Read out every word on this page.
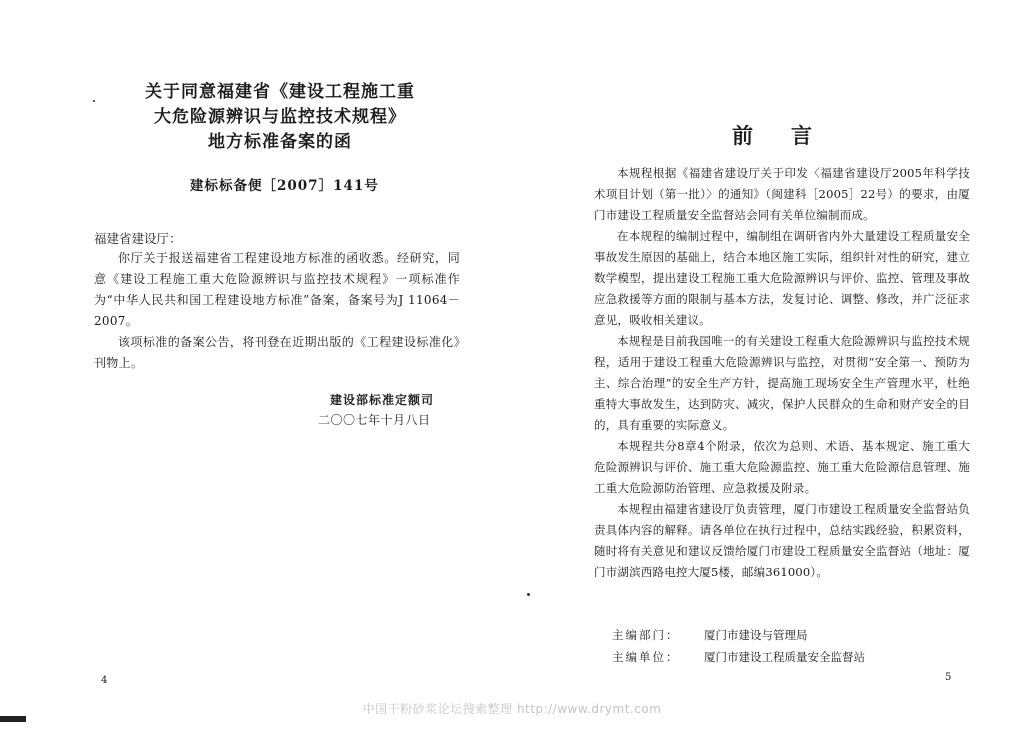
关于同意福建省《建设工程施工重
大危险源辨识与监控技术规程》
地方标准备案的函
建标标备便［2007］141号
福建省建设厅：

你厅关于报送福建省工程建设地方标准的函收悉。经研究，同意《建设工程施工重大危险源辨识与监控技术规程》一项标准作为“中华人民共和国工程建设地方标准”备案，备案号为J 11064－2007。

该项标准的备案公告，将刊登在近期出版的《工程建设标准化》刊物上。

建设部标准定额司
二〇〇七年十月八日
4
前言

本规程根据《福建省建设厅关于印发〈福建省建设厅2005年科学技术项目计划（第一批）〉的通知》（闽建科［2005］22号）的要求，由厦门市建设工程质量安全监督站会同有关单位编制而成。

在本规程的编制过程中，编制组在调研省内外大量建设工程质量安全事故发生原因的基础上，结合本地区施工实际，组织针对性的研究，建立数学模型，提出建设工程施工重大危险源辨识与评价、监控、管理及事故应急救援等方面的限制与基本方法，发复讨论、调整、修改，并广泛征求意见，吸收相关建议。

本规程是目前我国唯一的有关建设工程重大危险源辨识与监控技术规程，适用于建设工程重大危险源辨识与监控，对贯彻“安全第一、预防为主、综合治理”的安全生产方针，提高施工现场安全生产管理水平，杜绝重特大事故发生，达到防灾、减灾，保护人民群众的生命和财产安全的目的，具有重要的实际意义。

本规程共分8章4个附录，依次为总则、术语、基本规定、施工重大危险源辨识与评价、施工重大危险源监控、施工重大危险源信息管理、施工重大危险源防治管理、应急救援及附录。

本规程由福建省建设厅负责管理，厦门市建设工程质量安全监督站负责具体内容的解释。请各单位在执行过程中，总结实践经验，积累资料，随时将有关意见和建议反馈给厦门市建设工程质量安全监督站（地址：厦门市湖滨西路电控大厦5楼，邮编361000）。

主编部门： 厦门市建设与管理局
主编单位： 厦门市建设工程质量安全监督站
5
中国干粉砂浆论坛搜索整理 http://www.drymt.com
